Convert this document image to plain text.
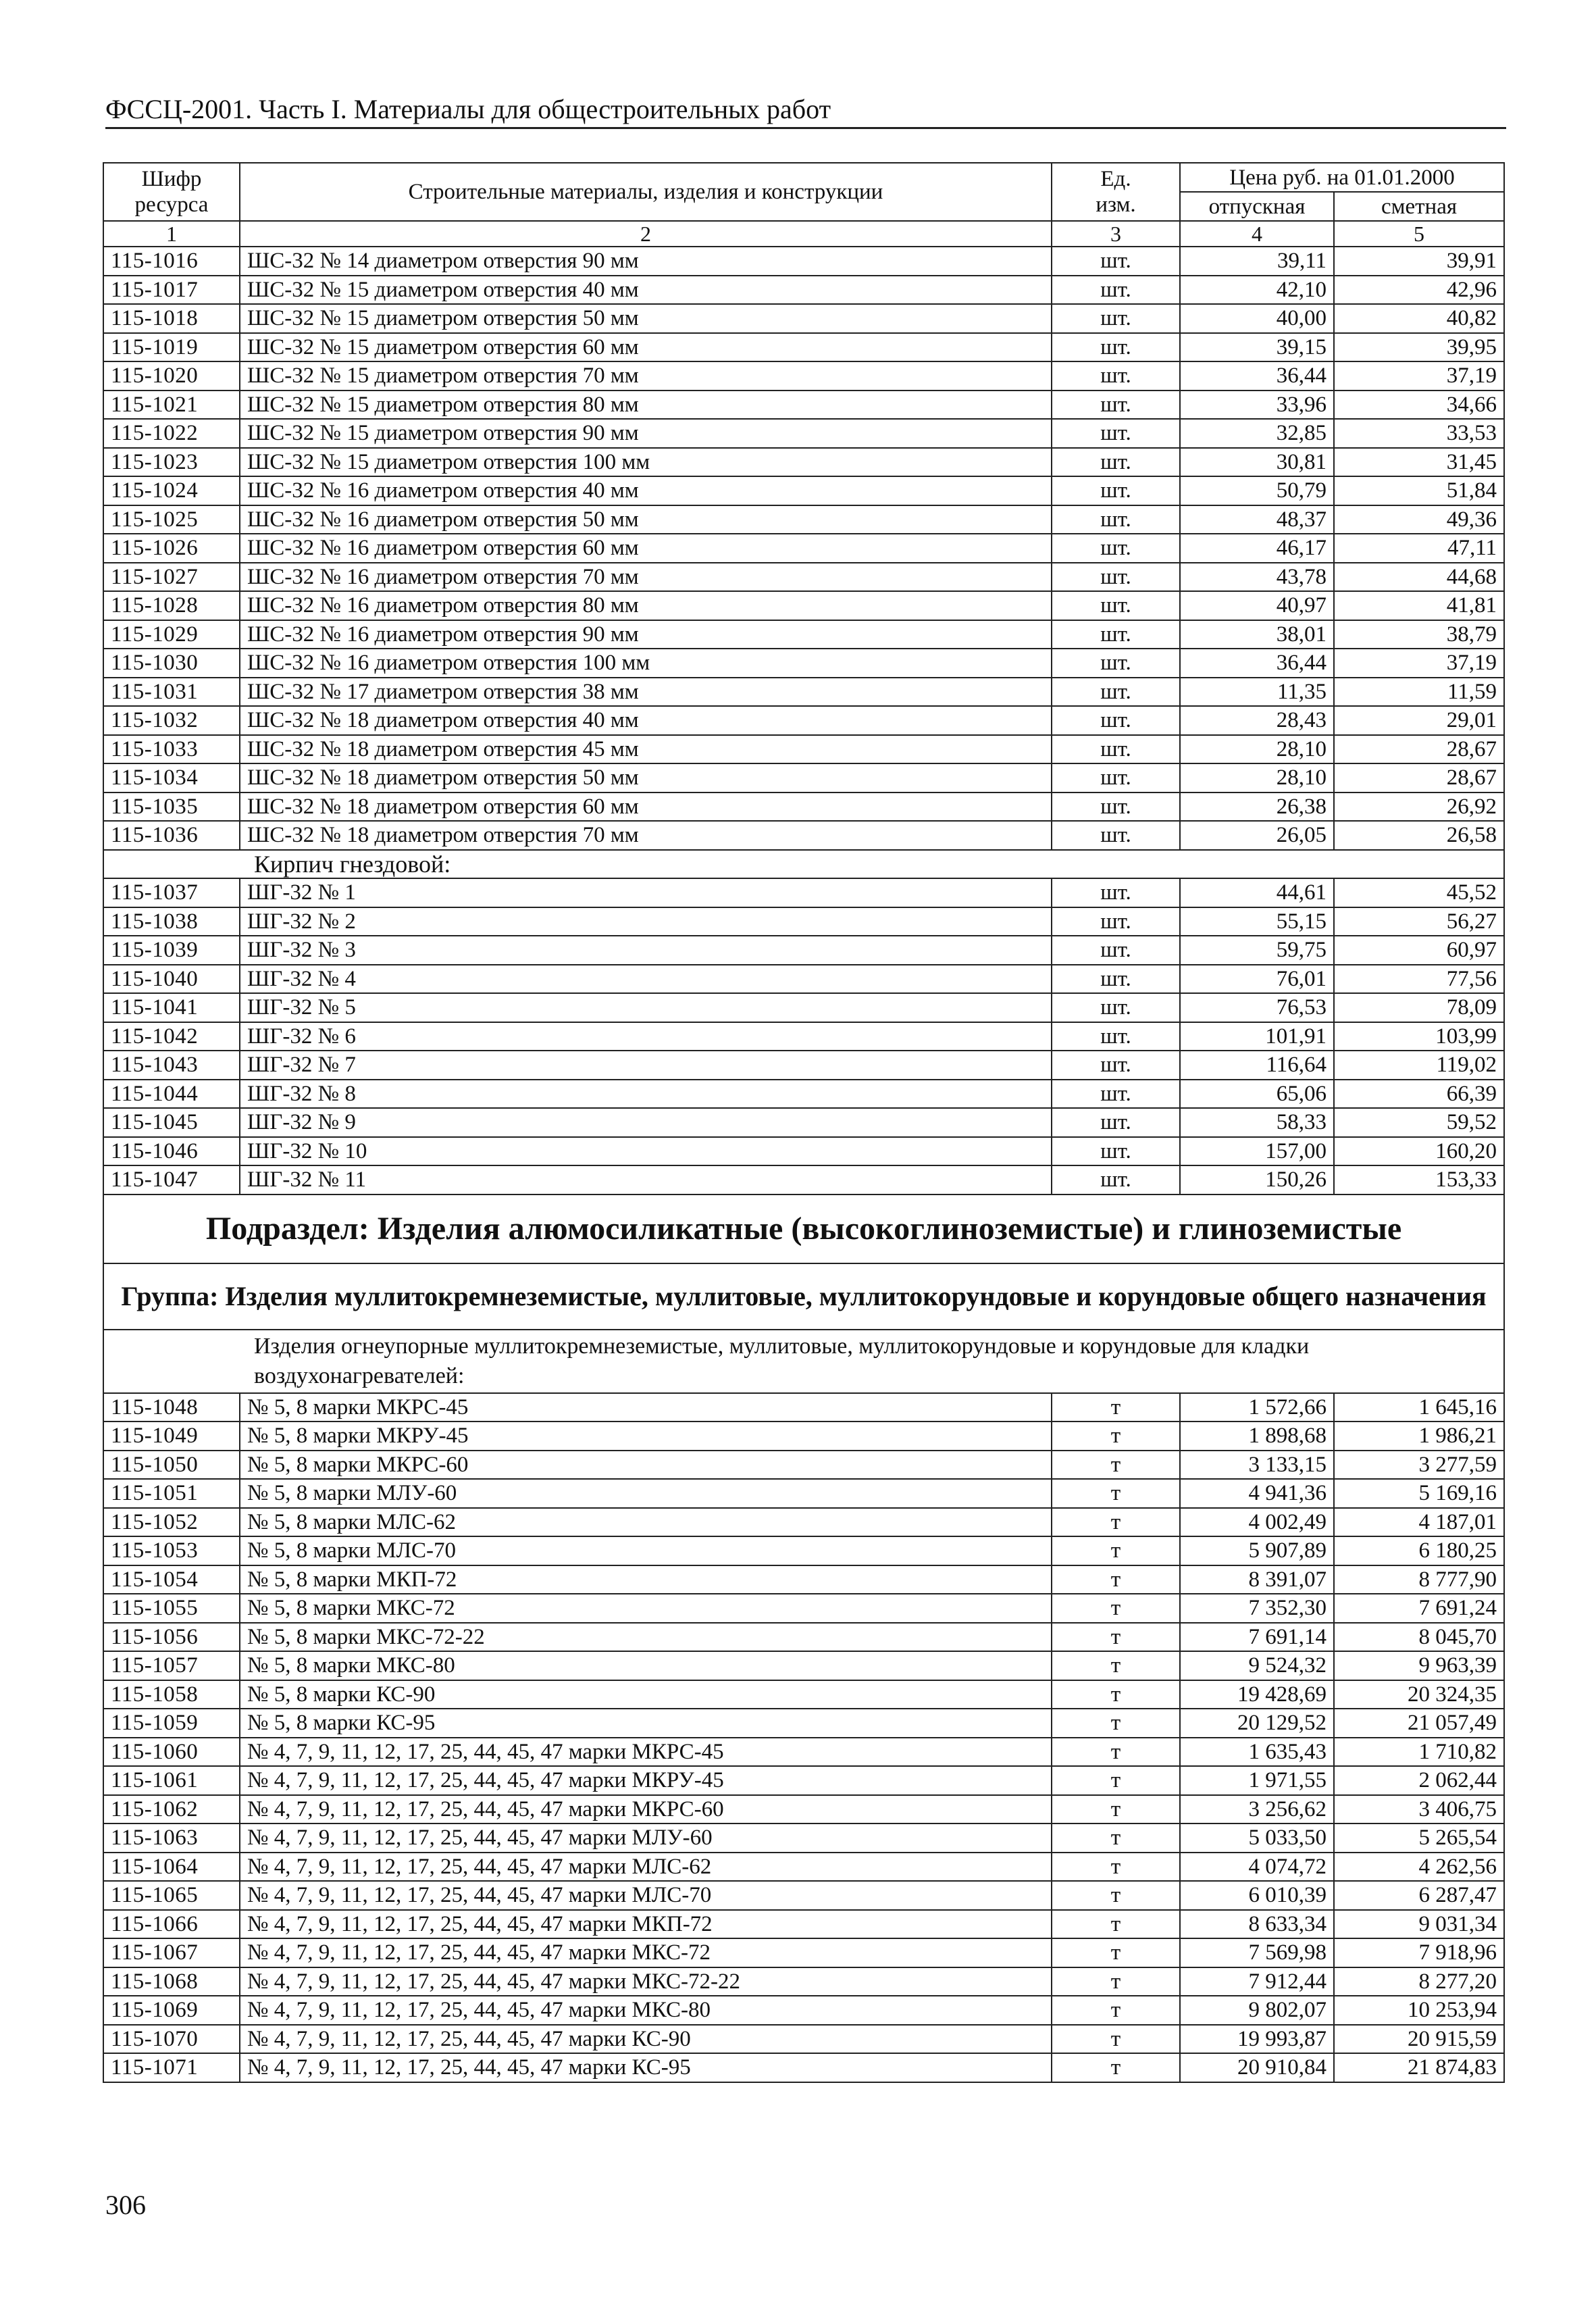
ФССЦ-2001. Часть I. Материалы для общестроительных работ
Шифр
ресурса	Строительные материалы, изделия и конструкции	Ед.
изм.	Цена руб. на 01.01.2000	
			отпускная	сметная
1	2	3	4	5
115-1016	ШС-32 № 14 диаметром отверстия 90 мм	шт.	39,11	39,91
115-1017	ШС-32 № 15 диаметром отверстия 40 мм	шт.	42,10	42,96
115-1018	ШС-32 № 15 диаметром отверстия 50 мм	шт.	40,00	40,82
115-1019	ШС-32 № 15 диаметром отверстия 60 мм	шт.	39,15	39,95
115-1020	ШС-32 № 15 диаметром отверстия 70 мм	шт.	36,44	37,19
115-1021	ШС-32 № 15 диаметром отверстия 80 мм	шт.	33,96	34,66
115-1022	ШС-32 № 15 диаметром отверстия 90 мм	шт.	32,85	33,53
115-1023	ШС-32 № 15 диаметром отверстия 100 мм	шт.	30,81	31,45
115-1024	ШС-32 № 16 диаметром отверстия 40 мм	шт.	50,79	51,84
115-1025	ШС-32 № 16 диаметром отверстия 50 мм	шт.	48,37	49,36
115-1026	ШС-32 № 16 диаметром отверстия 60 мм	шт.	46,17	47,11
115-1027	ШС-32 № 16 диаметром отверстия 70 мм	шт.	43,78	44,68
115-1028	ШС-32 № 16 диаметром отверстия 80 мм	шт.	40,97	41,81
115-1029	ШС-32 № 16 диаметром отверстия 90 мм	шт.	38,01	38,79
115-1030	ШС-32 № 16 диаметром отверстия 100 мм	шт.	36,44	37,19
115-1031	ШС-32 № 17 диаметром отверстия 38 мм	шт.	11,35	11,59
115-1032	ШС-32 № 18 диаметром отверстия 40 мм	шт.	28,43	29,01
115-1033	ШС-32 № 18 диаметром отверстия 45 мм	шт.	28,10	28,67
115-1034	ШС-32 № 18 диаметром отверстия 50 мм	шт.	28,10	28,67
115-1035	ШС-32 № 18 диаметром отверстия 60 мм	шт.	26,38	26,92
115-1036	ШС-32 № 18 диаметром отверстия 70 мм	шт.	26,05	26,58
Кирпич гнездовой:				
115-1037	ШГ-32 № 1	шт.	44,61	45,52
115-1038	ШГ-32 № 2	шт.	55,15	56,27
115-1039	ШГ-32 № 3	шт.	59,75	60,97
115-1040	ШГ-32 № 4	шт.	76,01	77,56
115-1041	ШГ-32 № 5	шт.	76,53	78,09
115-1042	ШГ-32 № 6	шт.	101,91	103,99
115-1043	ШГ-32 № 7	шт.	116,64	119,02
115-1044	ШГ-32 № 8	шт.	65,06	66,39
115-1045	ШГ-32 № 9	шт.	58,33	59,52
115-1046	ШГ-32 № 10	шт.	157,00	160,20
115-1047	ШГ-32 № 11	шт.	150,26	153,33
Подраздел: Изделия алюмосиликатные (высокоглиноземистые) и глиноземистые				
Группа: Изделия муллитокремнеземистые, муллитовые, муллитокорундовые и корундовые общего назначения				
Изделия огнеупорные муллитокремнеземистые, муллитовые, муллитокорундовые и корундовые для кладки воздухонагревателей:				
115-1048	№ 5, 8 марки МКРС-45	т	1 572,66	1 645,16
115-1049	№ 5, 8 марки МКРУ-45	т	1 898,68	1 986,21
115-1050	№ 5, 8 марки МКРС-60	т	3 133,15	3 277,59
115-1051	№ 5, 8 марки МЛУ-60	т	4 941,36	5 169,16
115-1052	№ 5, 8 марки МЛС-62	т	4 002,49	4 187,01
115-1053	№ 5, 8 марки МЛС-70	т	5 907,89	6 180,25
115-1054	№ 5, 8 марки МКП-72	т	8 391,07	8 777,90
115-1055	№ 5, 8 марки МКС-72	т	7 352,30	7 691,24
115-1056	№ 5, 8 марки МКС-72-22	т	7 691,14	8 045,70
115-1057	№ 5, 8 марки МКС-80	т	9 524,32	9 963,39
115-1058	№ 5, 8 марки КС-90	т	19 428,69	20 324,35
115-1059	№ 5, 8 марки КС-95	т	20 129,52	21 057,49
115-1060	№ 4, 7, 9, 11, 12, 17, 25, 44, 45, 47 марки МКРС-45	т	1 635,43	1 710,82
115-1061	№ 4, 7, 9, 11, 12, 17, 25, 44, 45, 47 марки МКРУ-45	т	1 971,55	2 062,44
115-1062	№ 4, 7, 9, 11, 12, 17, 25, 44, 45, 47 марки МКРС-60	т	3 256,62	3 406,75
115-1063	№ 4, 7, 9, 11, 12, 17, 25, 44, 45, 47 марки МЛУ-60	т	5 033,50	5 265,54
115-1064	№ 4, 7, 9, 11, 12, 17, 25, 44, 45, 47 марки МЛС-62	т	4 074,72	4 262,56
115-1065	№ 4, 7, 9, 11, 12, 17, 25, 44, 45, 47 марки МЛС-70	т	6 010,39	6 287,47
115-1066	№ 4, 7, 9, 11, 12, 17, 25, 44, 45, 47 марки МКП-72	т	8 633,34	9 031,34
115-1067	№ 4, 7, 9, 11, 12, 17, 25, 44, 45, 47 марки МКС-72	т	7 569,98	7 918,96
115-1068	№ 4, 7, 9, 11, 12, 17, 25, 44, 45, 47 марки МКС-72-22	т	7 912,44	8 277,20
115-1069	№ 4, 7, 9, 11, 12, 17, 25, 44, 45, 47 марки МКС-80	т	9 802,07	10 253,94
115-1070	№ 4, 7, 9, 11, 12, 17, 25, 44, 45, 47 марки КС-90	т	19 993,87	20 915,59
115-1071	№ 4, 7, 9, 11, 12, 17, 25, 44, 45, 47 марки КС-95	т	20 910,84	21 874,83
306
